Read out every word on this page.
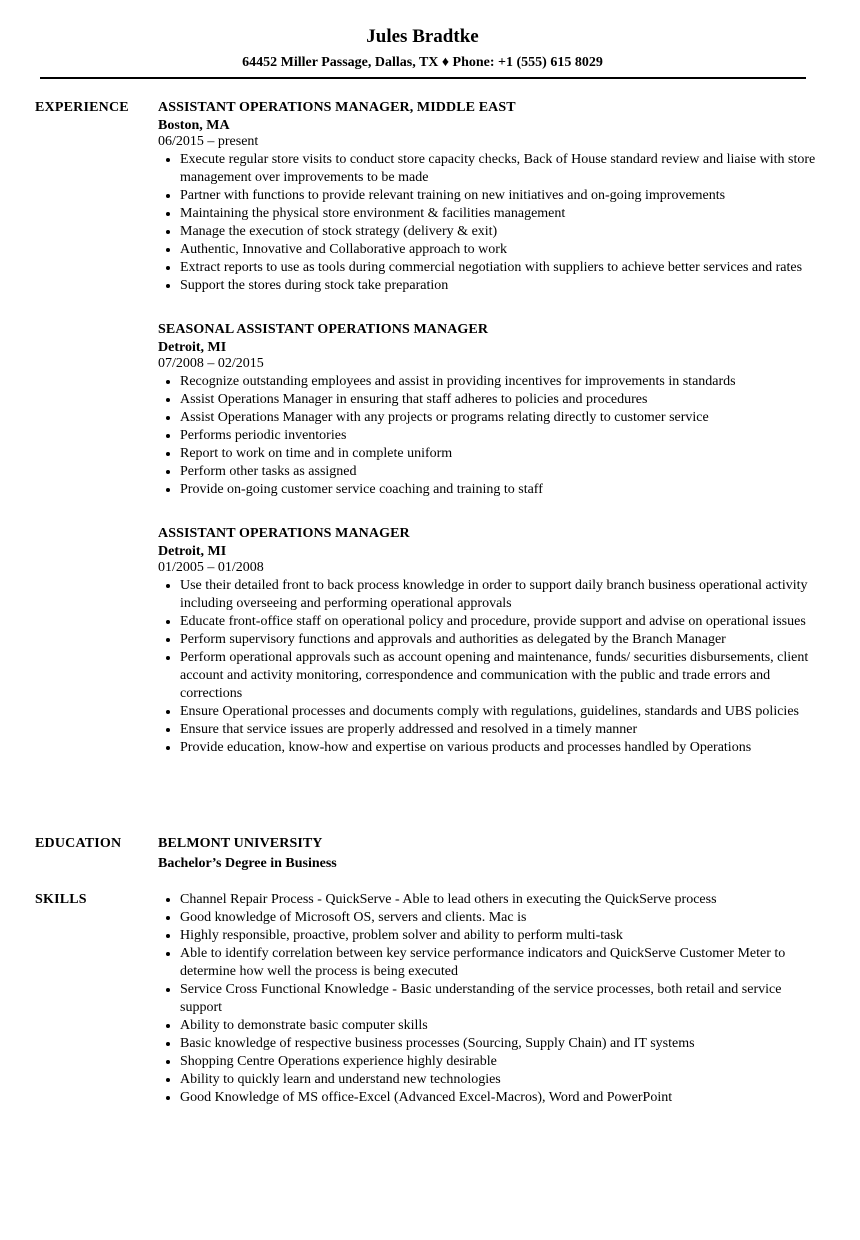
Jules Bradtke
64452 Miller Passage, Dallas, TX ♦ Phone: +1 (555) 615 8029
EXPERIENCE ASSISTANT OPERATIONS MANAGER, MIDDLE EAST
Boston, MA
06/2015 – present
• Execute regular store visits to conduct store capacity checks, Back of House standard review and liaise with store management over improvements to be made
• Partner with functions to provide relevant training on new initiatives and on-going improvements
• Maintaining the physical store environment & facilities management
• Manage the execution of stock strategy (delivery & exit)
• Authentic, Innovative and Collaborative approach to work
• Extract reports to use as tools during commercial negotiation with suppliers to achieve better services and rates
• Support the stores during stock take preparation
SEASONAL ASSISTANT OPERATIONS MANAGER
Detroit, MI
07/2008 – 02/2015
• Recognize outstanding employees and assist in providing incentives for improvements in standards
• Assist Operations Manager in ensuring that staff adheres to policies and procedures
• Assist Operations Manager with any projects or programs relating directly to customer service
• Performs periodic inventories
• Report to work on time and in complete uniform
• Perform other tasks as assigned
• Provide on-going customer service coaching and training to staff
ASSISTANT OPERATIONS MANAGER
Detroit, MI
01/2005 – 01/2008
• Use their detailed front to back process knowledge in order to support daily branch business operational activity including overseeing and performing operational approvals
• Educate front-office staff on operational policy and procedure, provide support and advise on operational issues
• Perform supervisory functions and approvals and authorities as delegated by the Branch Manager
• Perform operational approvals such as account opening and maintenance, funds/ securities disbursements, client account and activity monitoring, correspondence and communication with the public and trade errors and corrections
• Ensure Operational processes and documents comply with regulations, guidelines, standards and UBS policies
• Ensure that service issues are properly addressed and resolved in a timely manner
• Provide education, know-how and expertise on various products and processes handled by Operations
EDUCATION	BELMONT UNIVERSITY
Bachelor’s Degree in Business
SKILLS
•	Channel Repair Process - QuickServe - Able to lead others in executing the QuickServe process
• Good knowledge of Microsoft OS, servers and clients. Mac is
• Highly responsible, proactive, problem solver and ability to perform multi-task
• Able to identify correlation between key service performance indicators and QuickServe Customer Meter to determine how well the process is being executed
• Service Cross Functional Knowledge - Basic understanding of the service processes, both retail and service support
• Ability to demonstrate basic computer skills
• Basic knowledge of respective business processes (Sourcing, Supply Chain) and IT systems
• Shopping Centre Operations experience highly desirable
• Ability to quickly learn and understand new technologies
• Good Knowledge of MS office-Excel (Advanced Excel-Macros), Word and PowerPoint
